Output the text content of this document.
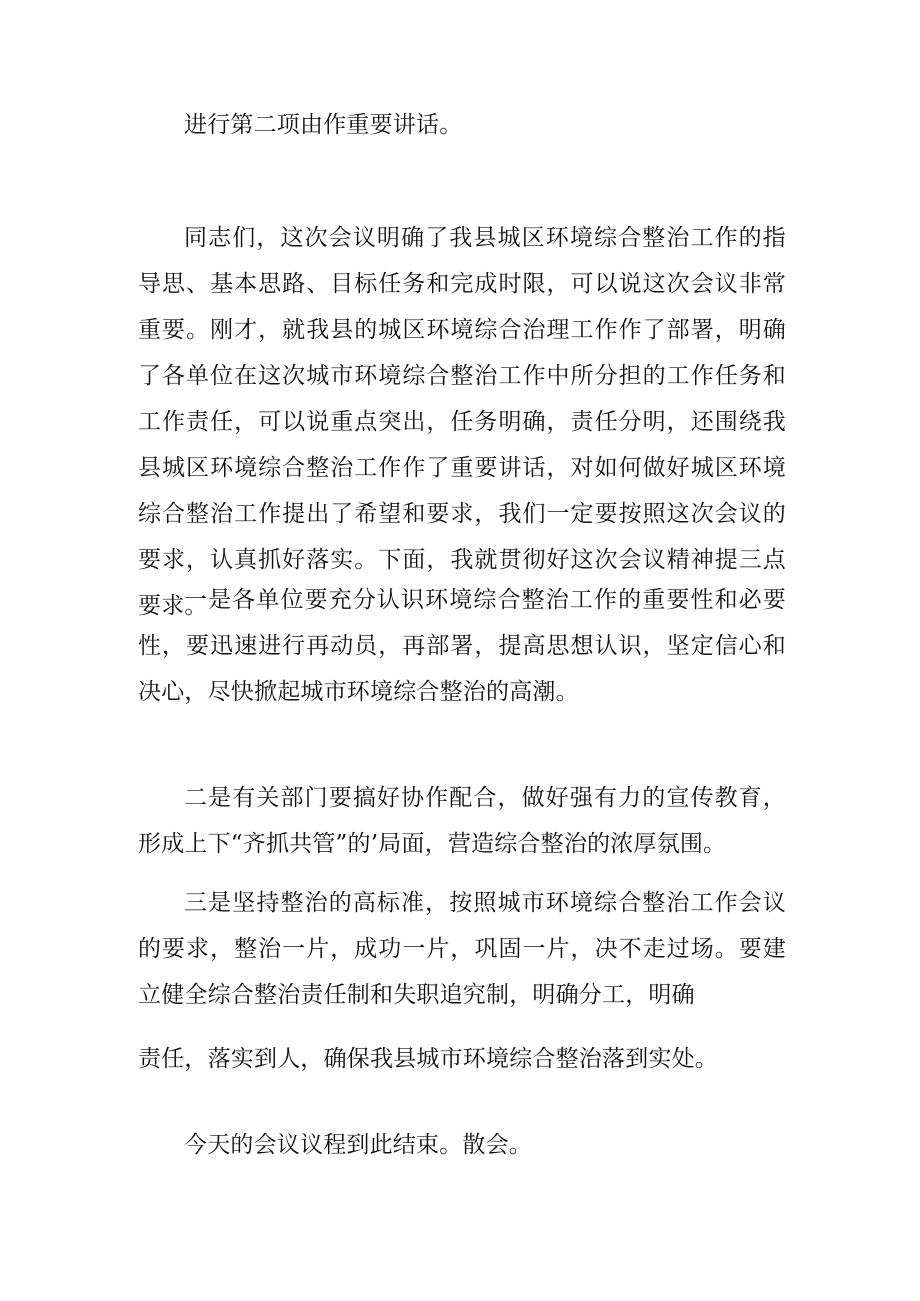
进行第二项由作重要讲话。

同志们，这次会议明确了我县城区环境综合整治工作的指导思、基本思路、目标任务和完成时限，可以说这次会议非常重要。刚才，就我县的城区环境综合治理工作作了部署，明确了各单位在这次城市环境综合整治工作中所分担的工作任务和工作责任，可以说重点突出，任务明确，责任分明，还围绕我县城区环境综合整治工作作了重要讲话，对如何做好城区环境综合整治工作提出了希望和要求，我们一定要按照这次会议的要求，认真抓好落实。下面，我就贯彻好这次会议精神提三点要求。

一是各单位要充分认识环境综合整治工作的重要性和必要性，要迅速进行再动员，再部署，提高思想认识，坚定信心和决心，尽快掀起城市环境综合整治的高潮。

二是有关部门要搞好协作配合，做好强有力的宣传教育，形成上下“齐抓共管”的’局面，营造综合整治的浓厚氛围。

三是坚持整治的高标准，按照城市环境综合整治工作会议的要求，整治一片，成功一片，巩固一片，决不走过场。要建立健全综合整治责任制和失职追究制，明确分工，明确

责任，落实到人，确保我县城市环境综合整治落到实处。

今天的会议议程到此结束。散会。
